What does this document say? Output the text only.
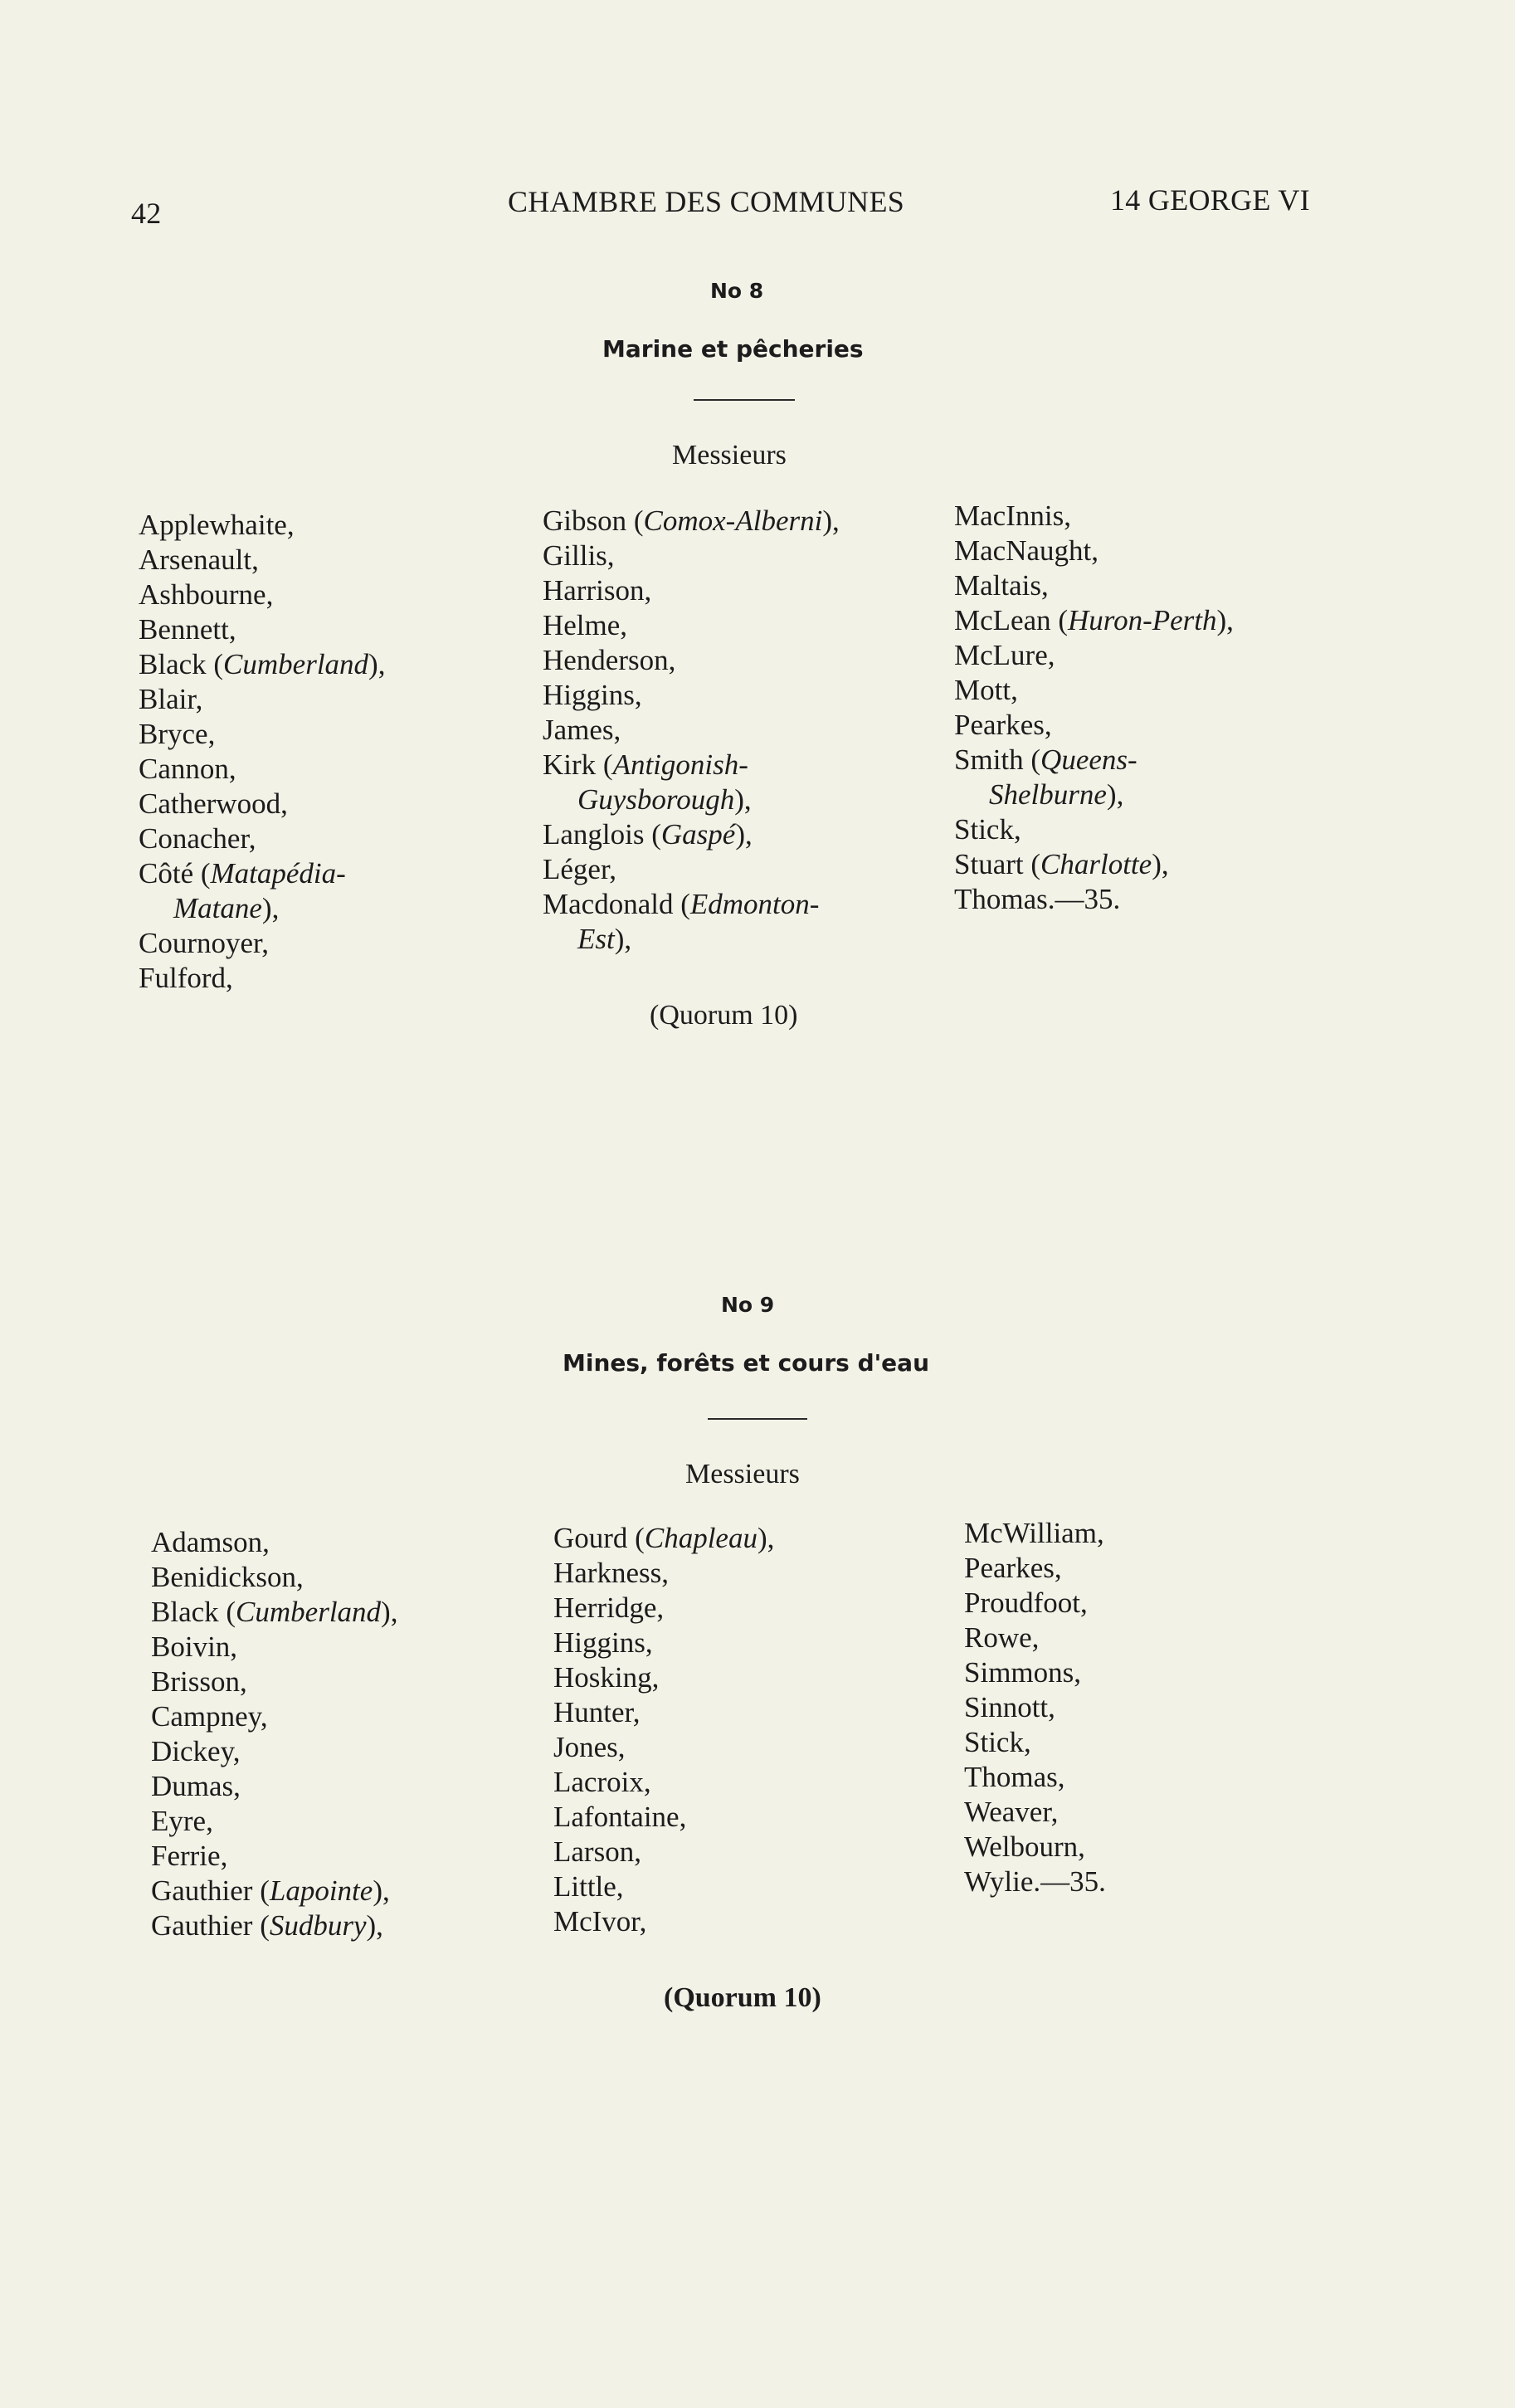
42	CHAMBRE DES COMMUNES	14 GEORGE VI
No 8
Marine et pêcheries
Messieurs
Applewhaite,
Arsenault,
Ashbourne,
Bennett,
Black (Cumberland),
Blair,
Bryce,
Cannon,
Catherwood,
Conacher,
Côté (Matapédia-
Matane),
Cournoyer,
Fulford,
Gibson (Comox-Alberni),
Gillis,
Harrison,
Helme,
Henderson,
Higgins,
James,
Kirk (Antigonish-
Guysborough),
Langlois (Gaspé),
Léger,
Macdonald (Edmonton-
Est),
MacInnis,
MacNaught,
Maltais,
McLean (Huron-Perth),
McLure,
Mott,
Pearkes,
Smith (Queens-
Shelburne),
Stick,
Stuart (Charlotte),
Thomas.—35.
(Quorum 10)
No 9
Mines, forêts et cours d'eau
Messieurs
Adamson,
Benidickson,
Black (Cumberland),
Boivin,
Brisson,
Campney,
Dickey,
Dumas,
Eyre,
Ferrie,
Gauthier (Lapointe),
Gauthier (Sudbury),
Gourd (Chapleau),
Harkness,
Herridge,
Higgins,
Hosking,
Hunter,
Jones,
Lacroix,
Lafontaine,
Larson,
Little,
McIvor,
McWilliam,
Pearkes,
Proudfoot,
Rowe,
Simmons,
Sinnott,
Stick,
Thomas,
Weaver,
Welbourn,
Wylie.—35.
(Quorum 10)
